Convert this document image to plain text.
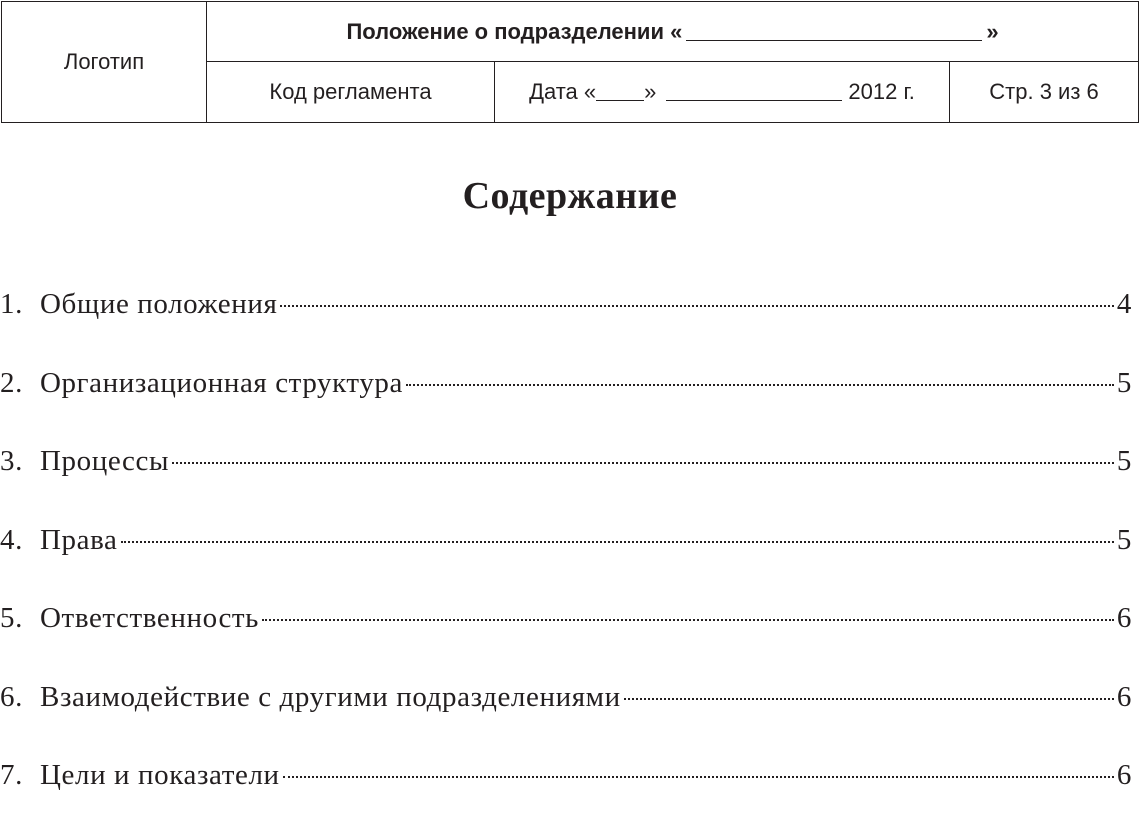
Логотип	Положение о подразделении « »		
	Код регламента	Дата « » 2012 г.	Стр. 3 из 6
Содержание
1. Общие положения	4
2. Организационная структура	5
3. Процессы	5
4. Права	5
5. Ответственность	6
6. Взаимодействие с другими подразделениями	6
7. Цели и показатели	6
